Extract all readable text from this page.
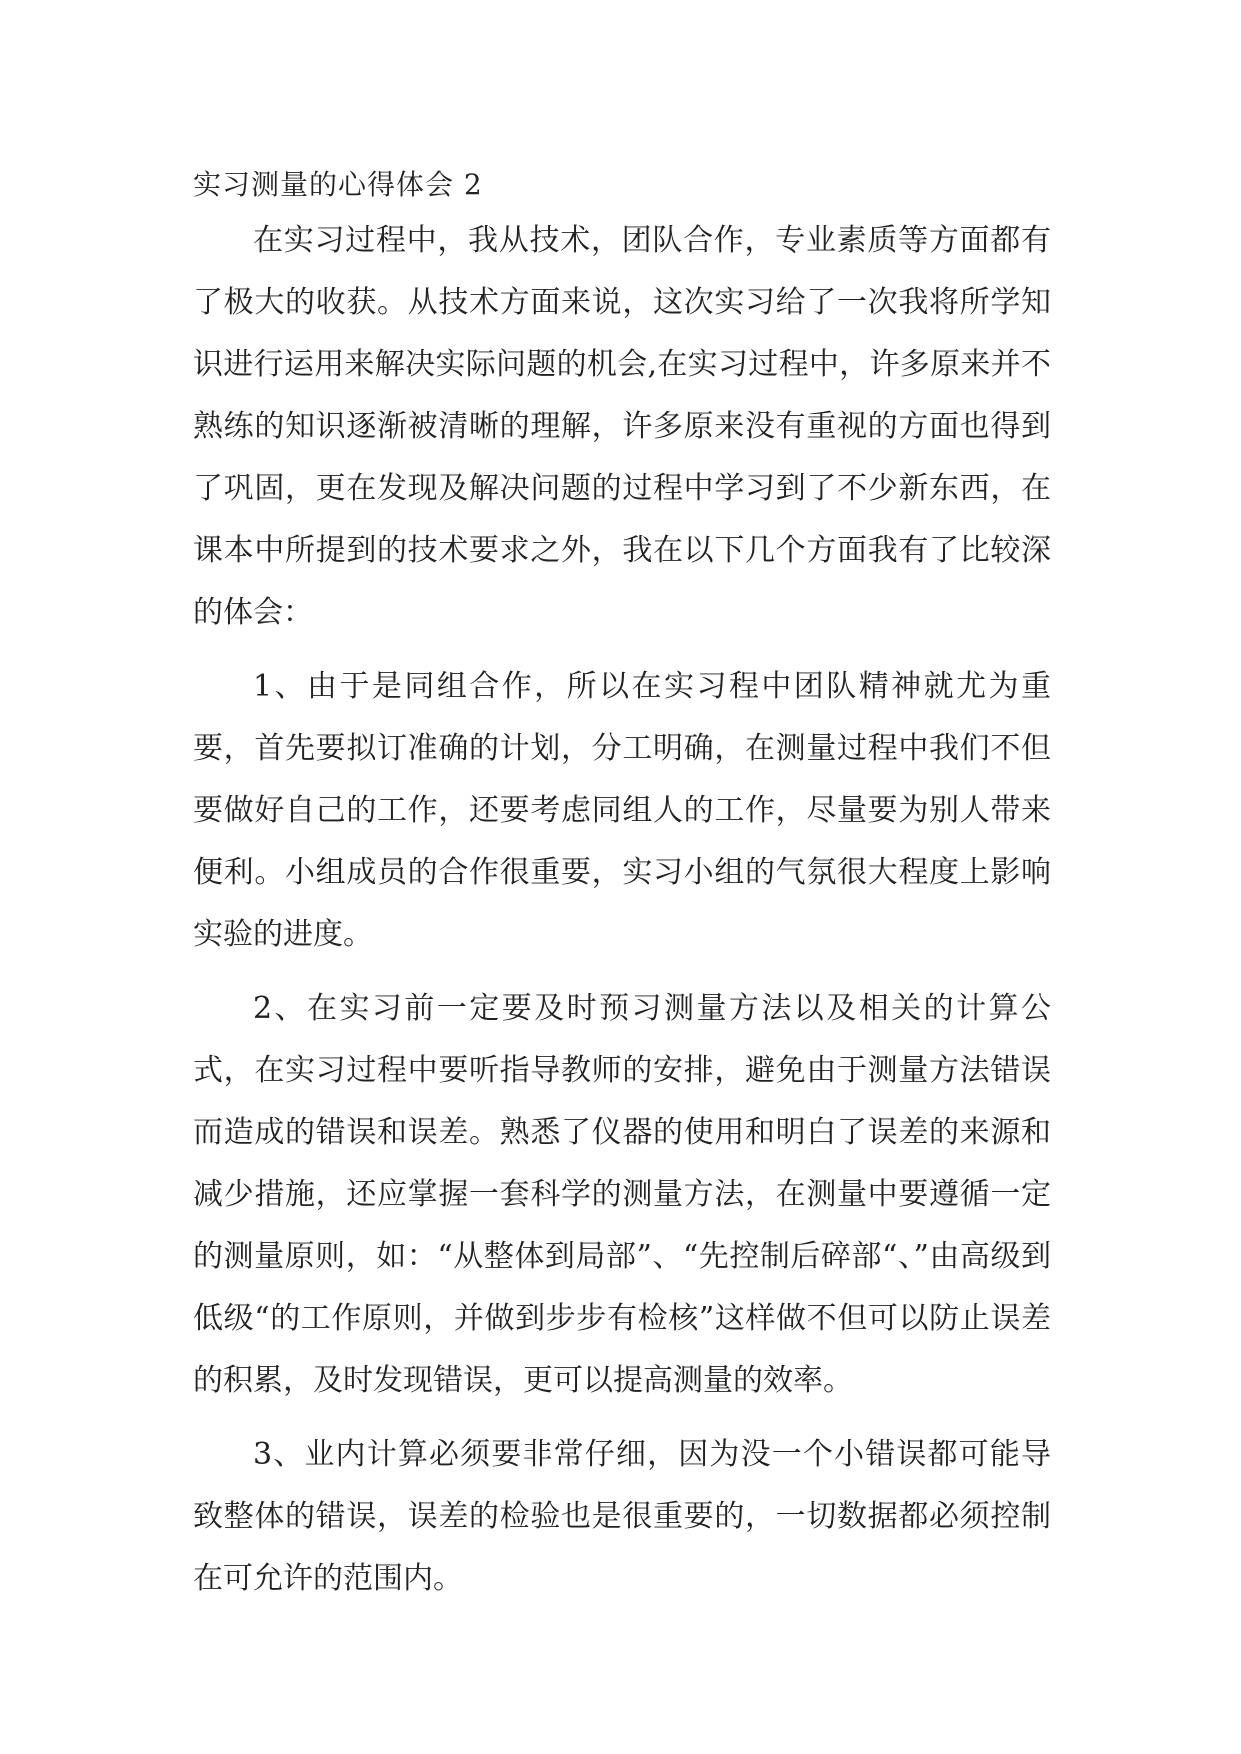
实习测量的心得体会 2

在实习过程中，我从技术，团队合作，专业素质等方面都有了极大的收获。从技术方面来说，这次实习给了一次我将所学知识进行运用来解决实际问题的机会,在实习过程中，许多原来并不熟练的知识逐渐被清晰的理解，许多原来没有重视的方面也得到了巩固，更在发现及解决问题的过程中学习到了不少新东西，在课本中所提到的技术要求之外，我在以下几个方面我有了比较深的体会：

1、由于是同组合作，所以在实习程中团队精神就尤为重要，首先要拟订准确的计划，分工明确，在测量过程中我们不但要做好自己的工作，还要考虑同组人的工作，尽量要为别人带来便利。小组成员的合作很重要，实习小组的气氛很大程度上影响实验的进度。

2、在实习前一定要及时预习测量方法以及相关的计算公式，在实习过程中要听指导教师的安排，避免由于测量方法错误而造成的错误和误差。熟悉了仪器的使用和明白了误差的来源和减少措施，还应掌握一套科学的测量方法，在测量中要遵循一定的测量原则，如：“从整体到局部”、“先控制后碎部“、”由高级到低级“的工作原则，并做到步步有检核”这样做不但可以防止误差的积累，及时发现错误，更可以提高测量的效率。

3、业内计算必须要非常仔细，因为没一个小错误都可能导致整体的错误，误差的检验也是很重要的，一切数据都必须控制在可允许的范围内。
